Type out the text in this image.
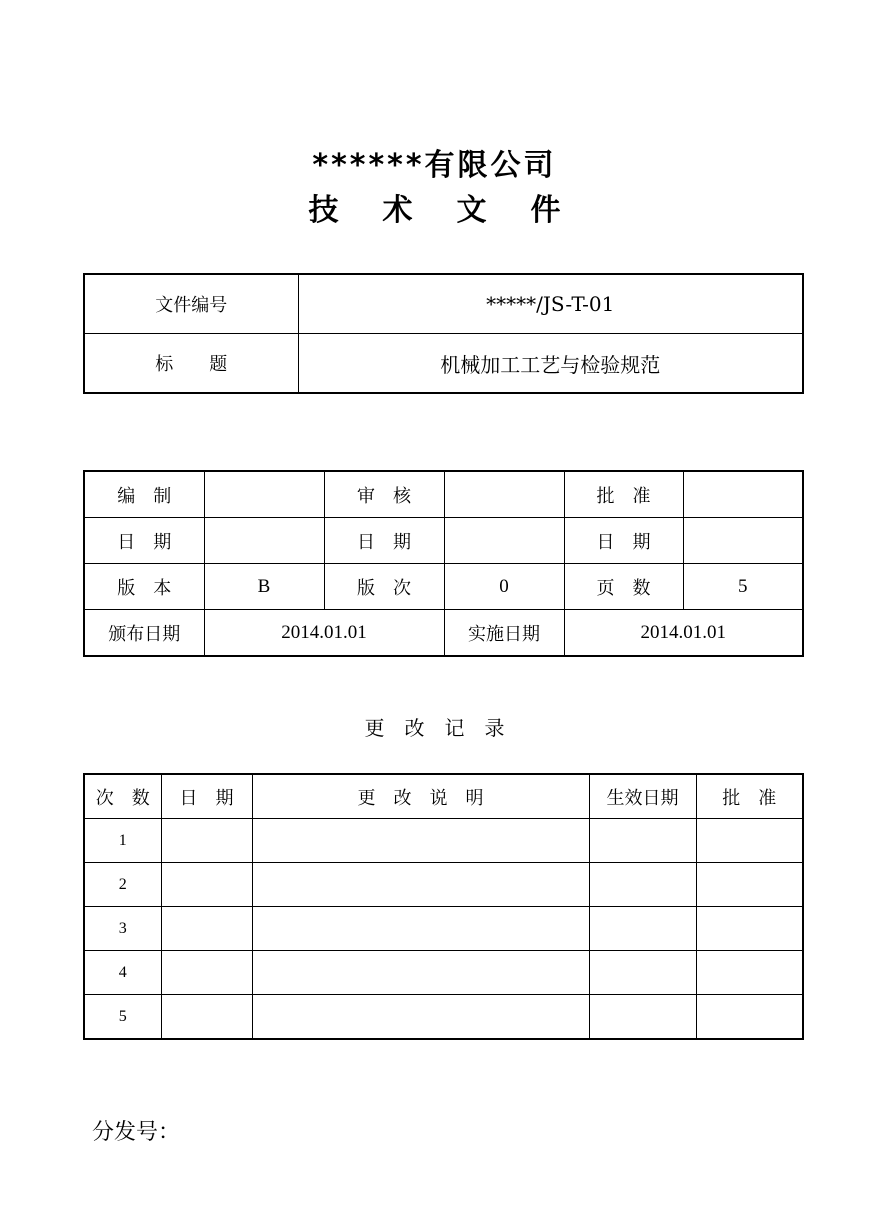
******有限公司
技 术 文 件
文件编号	*****/JS-T-01
标　　题	机械加工工艺与检验规范
编　制		审　核		批　准	
日　期		日　期		日　期	
版　本	B	版　次	0	页　数	5
颁布日期	2014.01.01		实施日期	2014.01.01	
更　改　记　录
次　数	日　期	更　改　说　明	生效日期	批　准
1				
2				
3				
4				
5				
分发号：
